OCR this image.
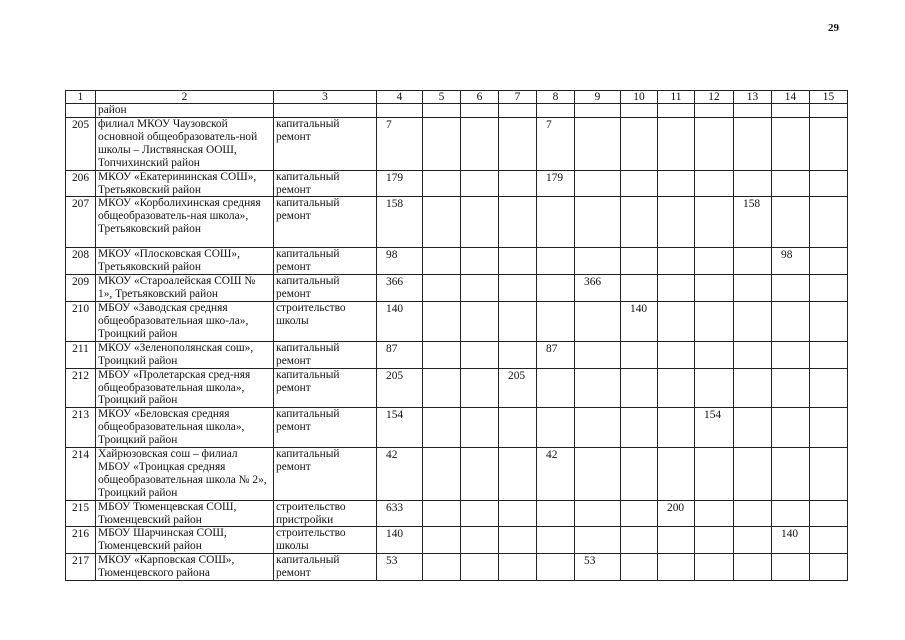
29
1	2	3	4	5	6	7	8	9	10	11	12	13	14	15
	район													
205	филиал МКОУ Чаузовской основной общеобразователь-ной школы – Листвянская ООШ, Топчихинский район	капитальный ремонт	7				7							
206	МКОУ «Екатерининская СОШ», Третьяковский район	капитальный ремонт	179				179							
207	МКОУ «Корболихинская средняя общеобразователь-ная школа», Третьяковский район	капитальный ремонт	158									158		
208	МКОУ «Плосковская СОШ», Третьяковский район	капитальный ремонт	98										98	
209	МКОУ «Староалейская СОШ № 1», Третьяковский район	капитальный ремонт	366					366						
210	МБОУ «Заводская средняя общеобразовательная шко-ла», Троицкий район	строительство школы	140						140					
211	МКОУ «Зеленополянская сош», Троицкий район	капитальный ремонт	87				87							
212	МБОУ «Пролетарская сред-няя общеобразовательная школа», Троицкий район	капитальный ремонт	205			205								
213	МКОУ «Беловская средняя общеобразовательная школа», Троицкий район	капитальный ремонт	154								154			
214	Хайрюзовская сош – филиал МБОУ «Троицкая средняя общеобразовательная школа № 2», Троицкий район	капитальный ремонт	42				42							
215	МБОУ Тюменцевская СОШ, Тюменцевский район	строительство пристройки	633							200				
216	МБОУ Шарчинская СОШ, Тюменцевский район	строительство школы	140										140	
217	МКОУ «Карповская СОШ», Тюменцевского района	капитальный ремонт	53					53						
